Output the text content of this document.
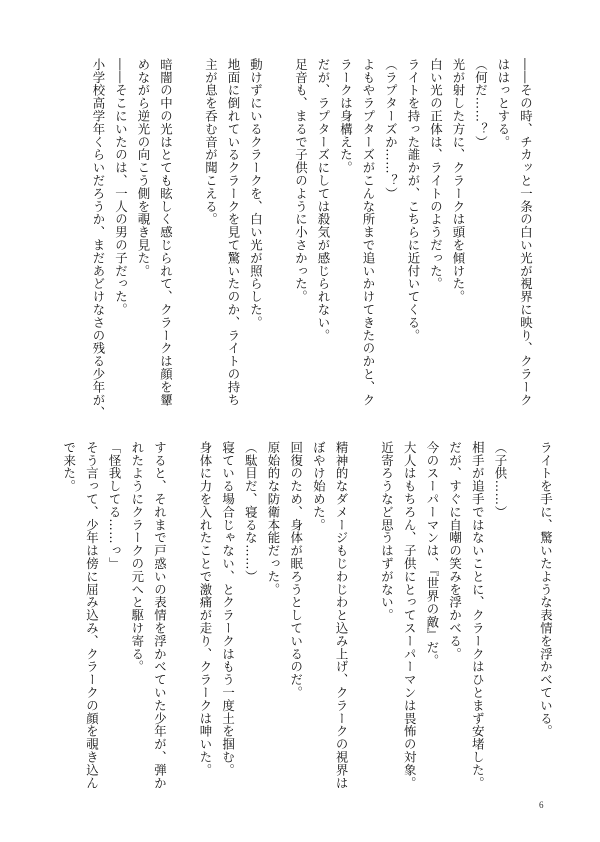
――その時、チカッと一条の白い光が視界に映り、クラーク
ははっとする。
（何だ……？）
光が射した方に、クラークは頭を傾けた。
白い光の正体は、ライトのようだった。
ライトを持った誰かが、こちらに近付いてくる。
（ラプターズか……？）
よもやラプターズがこんな所まで追いかけてきたのかと、ク
ラークは身構えた。
だが、ラプターズにしては殺気が感じられない。
足音も、まるで子供のように小さかった。
動けずにいるクラークを、白い光が照らした。
地面に倒れているクラークを見て驚いたのか、ライトの持ち
主が息を呑む音が聞こえる。
暗闇の中の光はとても眩しく感じられて、クラークは顔を顰
めながら逆光の向こう側を覗き見た。
――そこにいたのは、一人の男の子だった。
小学校高学年くらいだろうか、まだあどけなさの残る少年が、
ライトを手に、驚いたような表情を浮かべている。
（子供……）
相手が追手ではないことに、クラークはひとまず安堵した。
だが、すぐに自嘲の笑みを浮かべる。
今のスーパーマンは、『世界の敵』だ。
大人はもちろん、子供にとってスーパーマンは畏怖の対象。
近寄ろうなど思うはずがない。
精神的なダメージもじわじわと込み上げ、クラークの視界は
ぼやけ始めた。
回復のため、身体が眠ろうとしているのだ。
原始的な防衛本能だった。
（駄目だ、寝るな……）
寝ている場合じゃない、とクラークはもう一度土を掴む。
身体に力を入れたことで激痛が走り、クラークは呻いた。
すると、それまで戸惑いの表情を浮かべていた少年が、弾か
れたようにクラークの元へと駆け寄る。
「怪我してる……っ」
そう言って、少年は傍に屈み込み、クラークの顔を覗き込ん
で来た。
6
